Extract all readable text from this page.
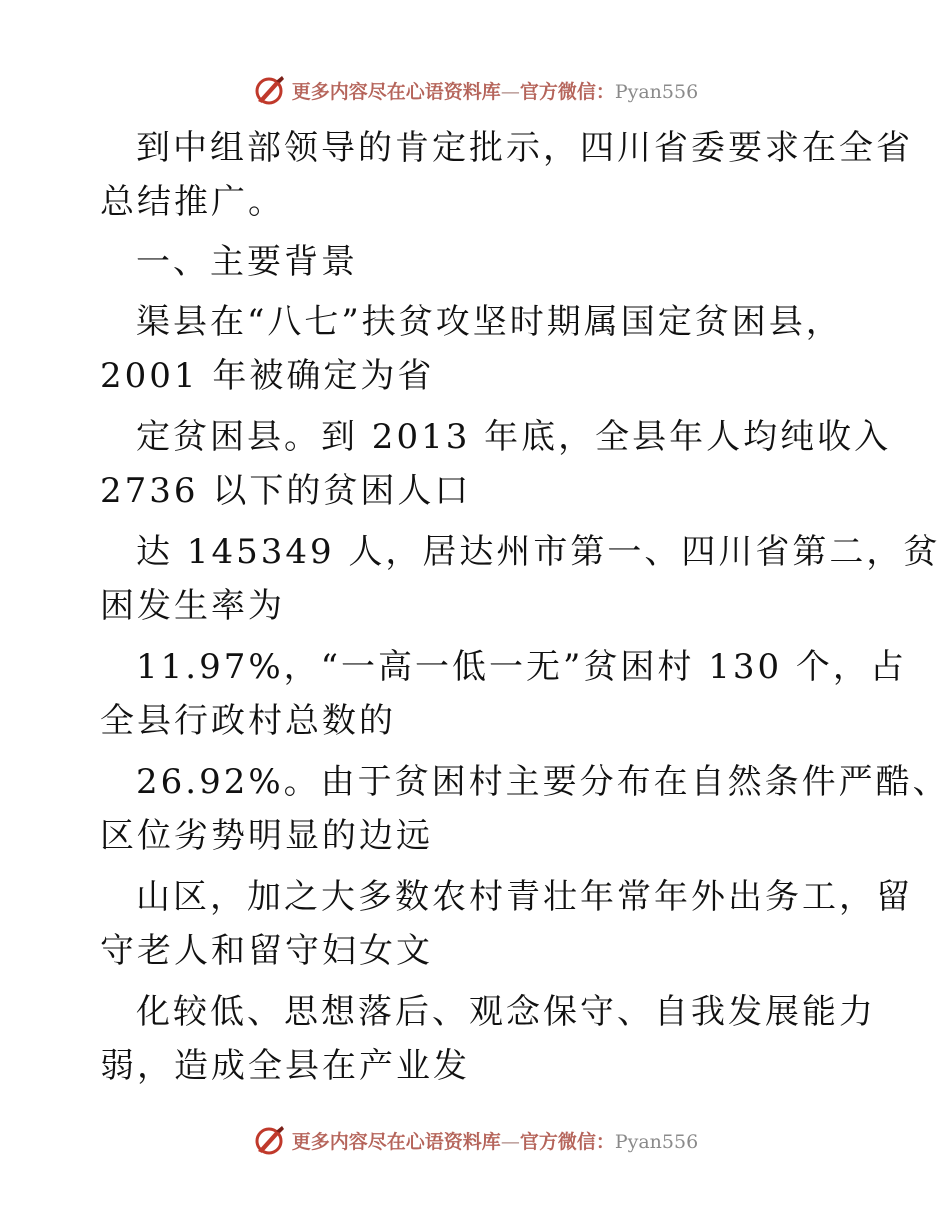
更多内容尽在心语资料库—官方微信：Pyan556
到中组部领导的肯定批示，四川省委要求在全省
总结推广。
一、主要背景
渠县在“八七”扶贫攻坚时期属国定贫困县，
2001 年被确定为省
定贫困县。到 2013 年底，全县年人均纯收入
2736 以下的贫困人口
达 145349 人，居达州市第一、四川省第二，贫
困发生率为
11.97%，“一高一低一无”贫困村 130 个，占
全县行政村总数的
26.92%。由于贫困村主要分布在自然条件严酷、
区位劣势明显的边远
山区，加之大多数农村青壮年常年外出务工，留
守老人和留守妇女文
化较低、思想落后、观念保守、自我发展能力
弱，造成全县在产业发
更多内容尽在心语资料库—官方微信：Pyan556
